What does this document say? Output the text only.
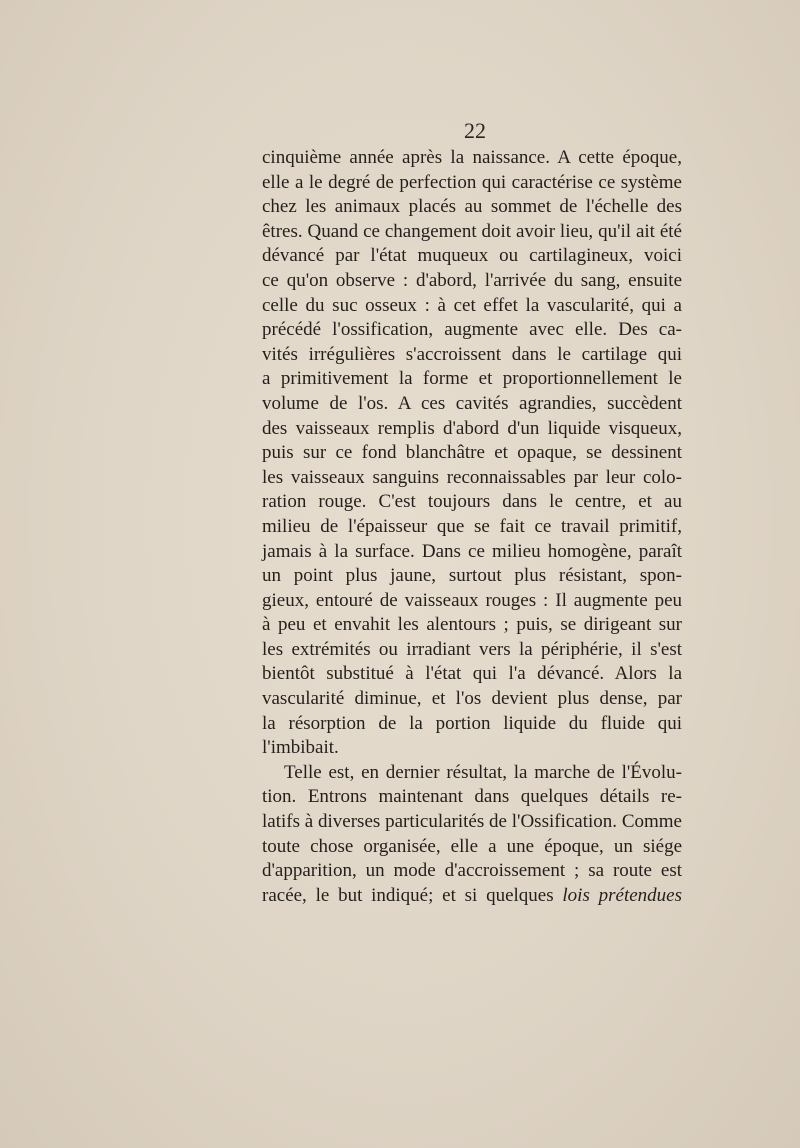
22
cinquième année après la naissance. A cette époque,
elle a le degré de perfection qui caractérise ce système
chez les animaux placés au sommet de l'échelle des
êtres. Quand ce changement doit avoir lieu, qu'il ait été
dévancé par l'état muqueux ou cartilagineux, voici
ce qu'on observe : d'abord, l'arrivée du sang, ensuite
celle du suc osseux : à cet effet la vascularité, qui a
précédé l'ossification, augmente avec elle. Des ca-
vités irrégulières s'accroissent dans le cartilage qui
a primitivement la forme et proportionnellement le
volume de l'os. A ces cavités agrandies, succèdent
des vaisseaux remplis d'abord d'un liquide visqueux,
puis sur ce fond blanchâtre et opaque, se dessinent
les vaisseaux sanguins reconnaissables par leur colo-
ration rouge. C'est toujours dans le centre, et au
milieu de l'épaisseur que se fait ce travail primitif,
jamais à la surface. Dans ce milieu homogène, paraît
un point plus jaune, surtout plus résistant, spon-
gieux, entouré de vaisseaux rouges : Il augmente peu
à peu et envahit les alentours ; puis, se dirigeant sur
les extrémités ou irradiant vers la périphérie, il s'est
bientôt substitué à l'état qui l'a dévancé. Alors la
vascularité diminue, et l'os devient plus dense, par
la résorption de la portion liquide du fluide qui
l'imbibait.
Telle est, en dernier résultat, la marche de l'Évolu-
tion. Entrons maintenant dans quelques détails re-
latifs à diverses particularités de l'Ossification. Comme
toute chose organisée, elle a une époque, un siége
d'apparition, un mode d'accroissement ; sa route est
racée, le but indiqué; et si quelques lois prétendues
